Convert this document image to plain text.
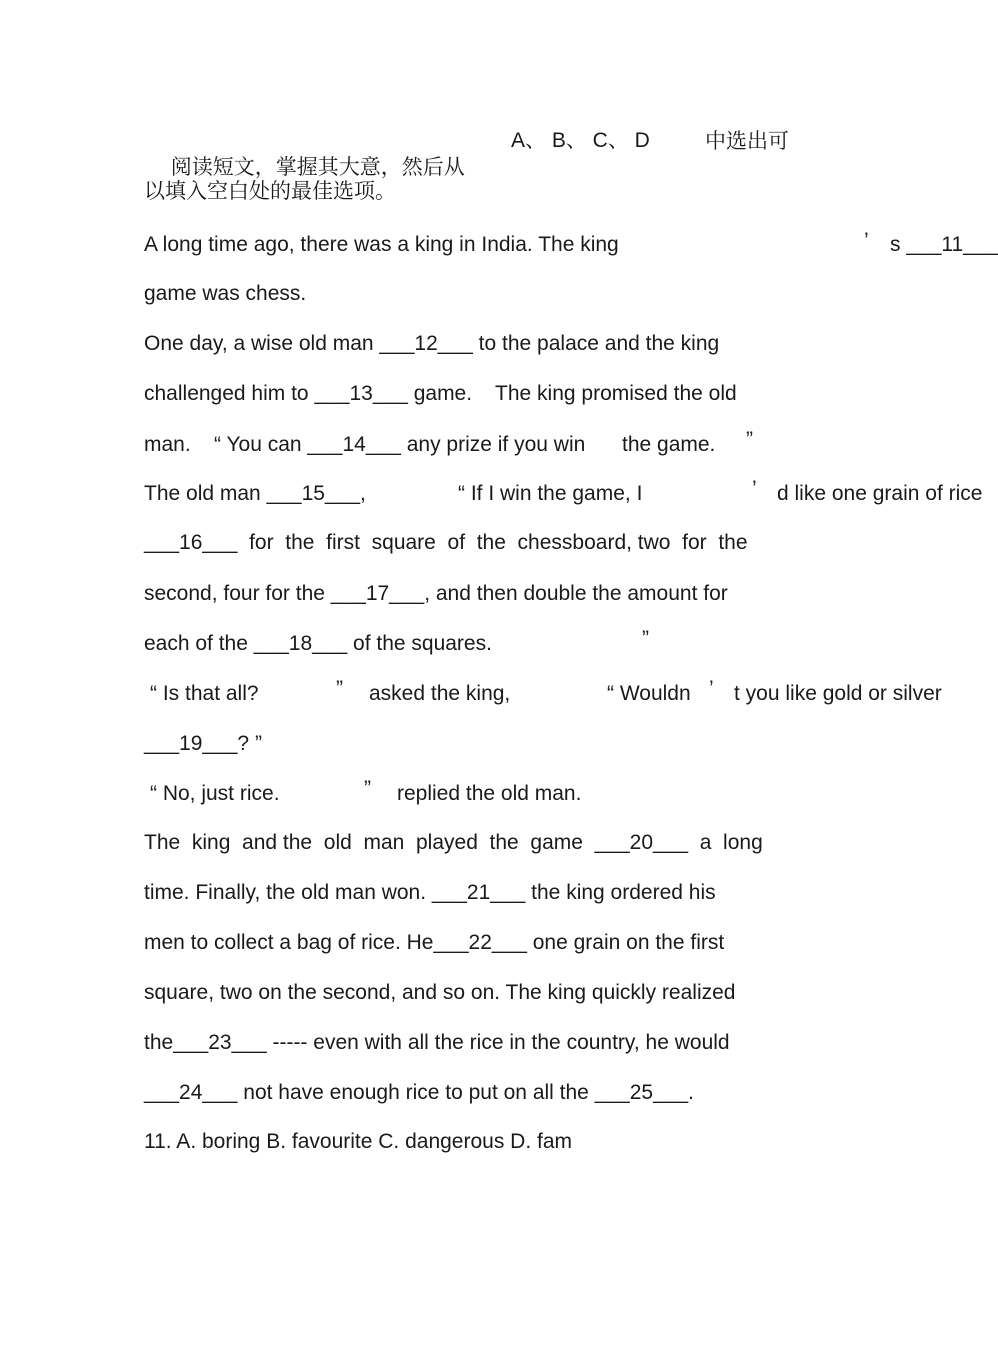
阅读短文，掌握其大意，然后从

A、 B、 C、 D	中选出可
以填入空白处的最佳选项。
A long time ago, there was a king in India. The king	’ s ___11___
game was chess.
One day, a wise old man ___12___ to the palace and the king
challenged him to ___13___ game.    The king promised the old
man.    “ You can ___14___ any prize if you win the game. ”
The old man ___15___,	“ If I win the game, I	’ d like one grain of rice
___16___  for  the  first  square  of  the  chessboard, two  for  the
second, four for the ___17___, and then double the amount for
each of the ___18___ of the squares.	”
“ Is that all?	” asked the king,	“ Wouldn ’ t you like gold or silver
___19___? ”
“ No, just rice.	” replied the old man.
The  king  and the  old  man  played  the  game  ___20___  a  long
time. Finally, the old man won. ___21___ the king ordered his
men to collect a bag of rice. He___22___ one grain on the first
square, two on the second, and so on. The king quickly realized
the___23___ ----- even with all the rice in the country, he would
___24___ not have enough rice to put on all the ___25___.
11. A. boring B. favourite C. dangerous D. fam
